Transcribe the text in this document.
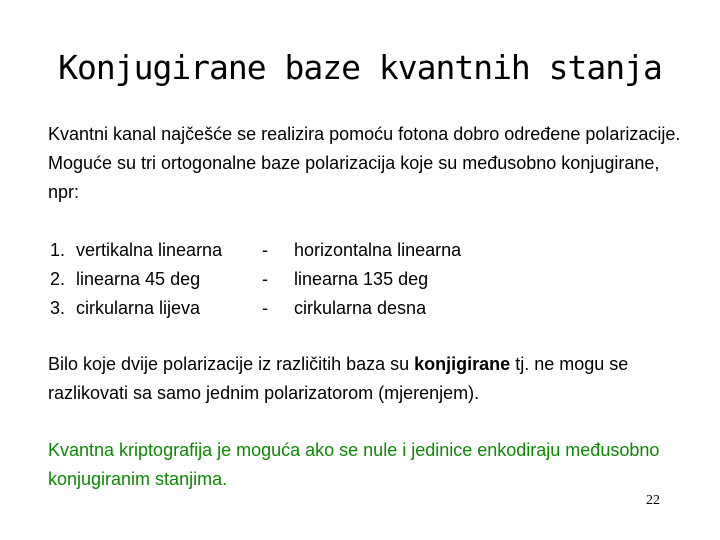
Konjugirane baze kvantnih stanja
Kvantni kanal najčešće se realizira pomoću fotona dobro određene polarizacije. Moguće su tri ortogonalne baze polarizacija koje su međusobno konjugirane, npr:
1. vertikalna linearna - horizontalna linearna
2. linearna 45 deg	- linearna 135 deg
3. cirkularna lijeva	- cirkularna desna
Bilo koje dvije polarizacije iz različitih baza su konjigirane tj. ne mogu se razlikovati sa samo jednim polarizatorom (mjerenjem).
Kvantna kriptografija je moguća ako se nule i jedinice enkodiraju međusobno konjugiranim stanjima.
22
